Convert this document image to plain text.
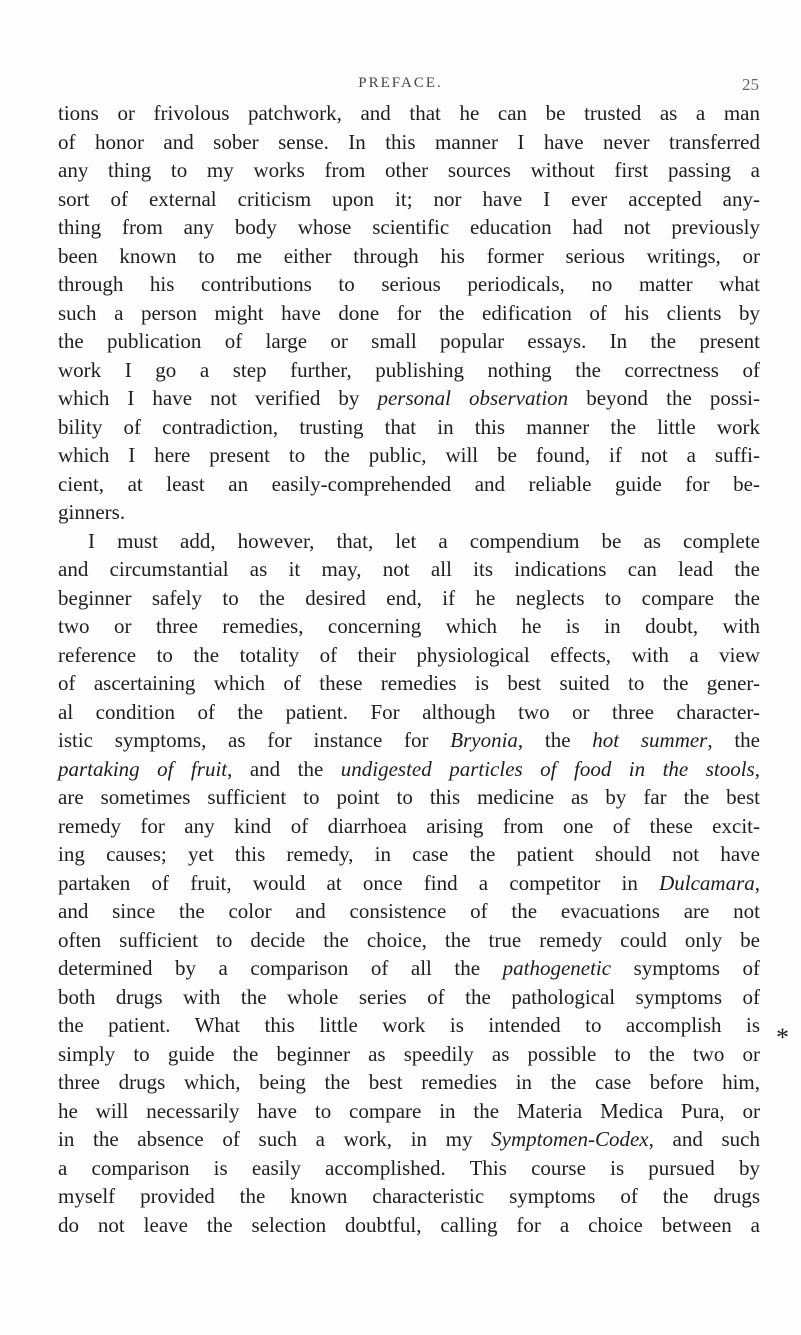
PREFACE.	25
tions or frivolous patchwork, and that he can be trusted as a man
of honor and sober sense. In this manner I have never transferred
any thing to my works from other sources without first passing a
sort of external criticism upon it; nor have I ever accepted any-
thing from any body whose scientific education had not previously
been known to me either through his former serious writings, or
through his contributions to serious periodicals, no matter what
such a person might have done for the edification of his clients by
the publication of large or small popular essays. In the present
work I go a step further, publishing nothing the correctness of
which I have not verified by personal observation beyond the possi-
bility of contradiction, trusting that in this manner the little work
which I here present to the public, will be found, if not a suffi-
cient, at least an easily-comprehended and reliable guide for be-
ginners.
I must add, however, that, let a compendium be as complete
and circumstantial as it may, not all its indications can lead the
beginner safely to the desired end, if he neglects to compare the
two or three remedies, concerning which he is in doubt, with
reference to the totality of their physiological effects, with a view
of ascertaining which of these remedies is best suited to the gener-
al condition of the patient. For although two or three character-
istic symptoms, as for instance for Bryonia, the hot summer, the
partaking of fruit, and the undigested particles of food in the stools,
are sometimes sufficient to point to this medicine as by far the best
remedy for any kind of diarrhoea arising from one of these excit-
ing causes; yet this remedy, in case the patient should not have
partaken of fruit, would at once find a competitor in Dulcamara,
and since the color and consistence of the evacuations are not
often sufficient to decide the choice, the true remedy could only be
determined by a comparison of all the pathogenetic symptoms of
both drugs with the whole series of the pathological symptoms of
the patient. What this little work is intended to accomplish is
simply to guide the beginner as speedily as possible to the two or
three drugs which, being the best remedies in the case before him,
he will necessarily have to compare in the Materia Medica Pura, or
in the absence of such a work, in my Symptomen-Codex, and such
a comparison is easily accomplished. This course is pursued by
myself provided the known characteristic symptoms of the drugs
do not leave the selection doubtful, calling for a choice between a
*
